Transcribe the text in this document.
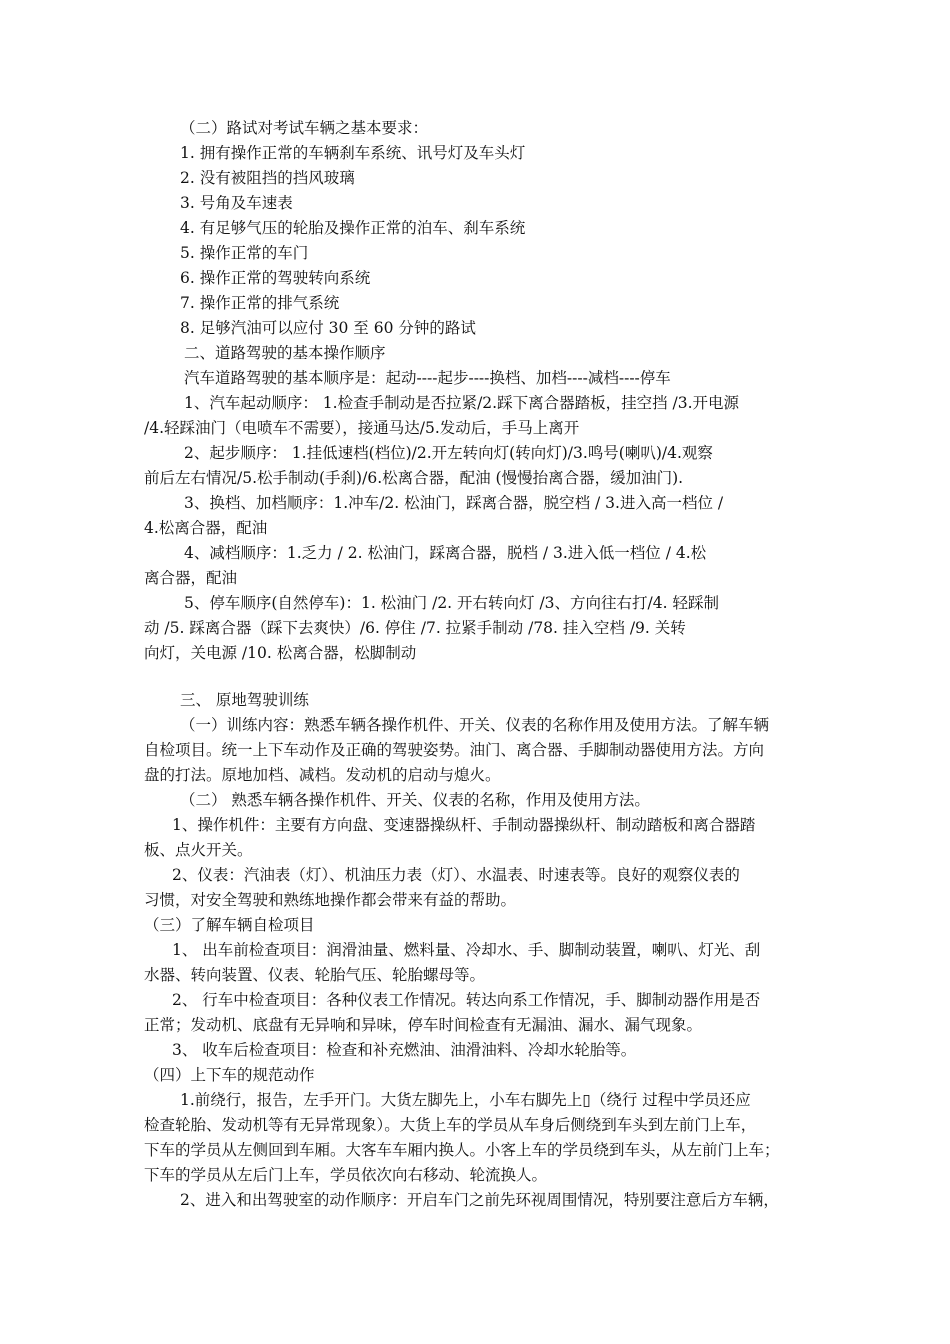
（二）路试对考试车辆之基本要求：
1. 拥有操作正常的车辆刹车系统、讯号灯及车头灯
2. 没有被阻挡的挡风玻璃
3. 号角及车速表
4. 有足够气压的轮胎及操作正常的泊车、刹车系统
5. 操作正常的车门
6. 操作正常的驾驶转向系统
7. 操作正常的排气系统
8. 足够汽油可以应付 30 至 60 分钟的路试
二、道路驾驶的基本操作顺序
汽车道路驾驶的基本顺序是：起动----起步----换档、加档----减档----停车
1、汽车起动顺序： 1.检查手制动是否拉紧/2.踩下离合器踏板，挂空挡 /3.开电源
/4.轻踩油门（电喷车不需要），接通马达/5.发动后，手马上离开
2、起步顺序： 1.挂低速档(档位)/2.开左转向灯(转向灯)/3.鸣号(喇叭)/4.观察
前后左右情况/5.松手制动(手刹)/6.松离合器，配油 (慢慢抬离合器，缓加油门).
3、换档、加档顺序：1.冲车/2. 松油门，踩离合器，脱空档 / 3.进入高一档位 /
4.松离合器，配油
4、减档顺序：1.乏力 / 2. 松油门，踩离合器，脱档 / 3.进入低一档位 / 4.松
离合器，配油
5、停车顺序(自然停车)：1. 松油门 /2. 开右转向灯 /3、方向往右打/4. 轻踩制
动 /5. 踩离合器（踩下去爽快）/6. 停住 /7. 拉紧手制动 /78. 挂入空档 /9. 关转
向灯，关电源 /10. 松离合器，松脚制动
三、 原地驾驶训练
（一）训练内容：熟悉车辆各操作机件、开关、仪表的名称作用及使用方法。了解车辆
自检项目。统一上下车动作及正确的驾驶姿势。油门、离合器、手脚制动器使用方法。方向
盘的打法。原地加档、减档。发动机的启动与熄火。
（二） 熟悉车辆各操作机件、开关、仪表的名称，作用及使用方法。
1、操作机件：主要有方向盘、变速器操纵杆、手制动器操纵杆、制动踏板和离合器踏
板、点火开关。
2、仪表：汽油表（灯）、机油压力表（灯）、水温表、时速表等。良好的观察仪表的
习惯，对安全驾驶和熟练地操作都会带来有益的帮助。
（三）了解车辆自检项目
1、 出车前检查项目：润滑油量、燃料量、冷却水、手、脚制动装置，喇叭、灯光、刮
水器、转向装置、仪表、轮胎气压、轮胎螺母等。
2、 行车中检查项目：各种仪表工作情况。转达向系工作情况，手、脚制动器作用是否
正常；发动机、底盘有无异响和异味，停车时间检查有无漏油、漏水、漏气现象。
3、 收车后检查项目：检查和补充燃油、油滑油料、冷却水轮胎等。
（四）上下车的规范动作
1.前绕行，报告，左手开门。大货左脚先上，小车右脚先上▯（绕行 过程中学员还应
检查轮胎、发动机等有无异常现象）。大货上车的学员从车身后侧绕到车头到左前门上车，
下车的学员从左侧回到车厢。大客车车厢内换人。小客上车的学员绕到车头，从左前门上车；
下车的学员从左后门上车，学员依次向右移动、轮流换人。
2、进入和出驾驶室的动作顺序：开启车门之前先环视周围情况，特别要注意后方车辆，
